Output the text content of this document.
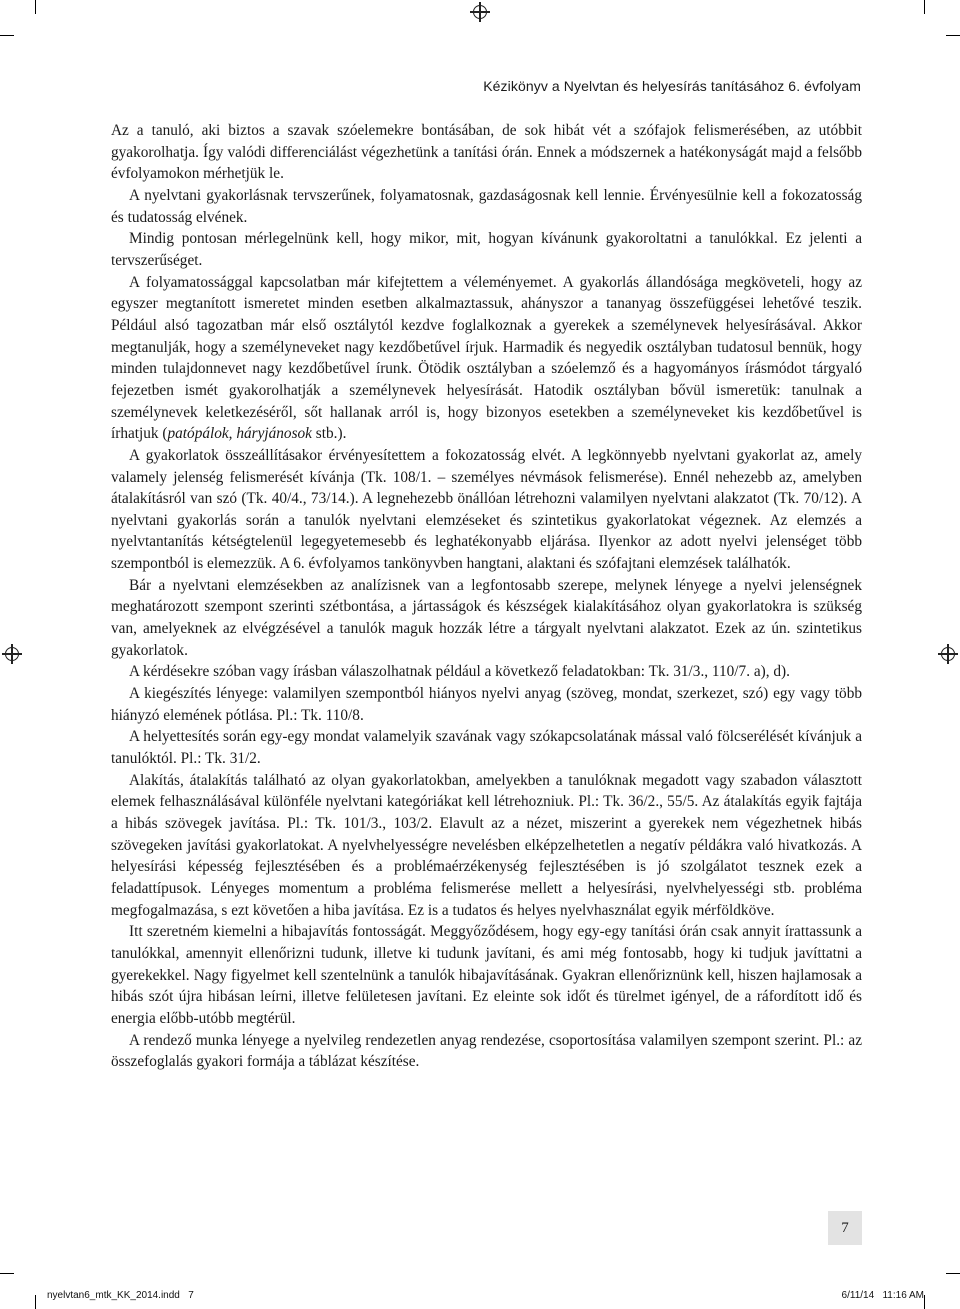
Kézikönyv a Nyelvtan és helyesírás tanításához 6. évfolyam

Az a tanuló, aki biztos a szavak szóelemekre bontásában, de sok hibát vét a szófajok felismerésében, az utóbbit gyakorolhatja. Így valódi differenciálást végezhetünk a tanítási órán. Ennek a módszernek a hatékonyságát majd a felsőbb évfolyamokon mérhetjük le.

A nyelvtani gyakorlásnak tervszerűnek, folyamatosnak, gazdaságosnak kell lennie. Érvényesülnie kell a fokozatosság és tudatosság elvének.

Mindig pontosan mérlegelnünk kell, hogy mikor, mit, hogyan kívánunk gyakoroltatni a tanulókkal. Ez jelenti a tervszerűséget.

A folyamatossággal kapcsolatban már kifejtettem a véleményemet. A gyakorlás állandósága megköveteli, hogy az egyszer megtanított ismeretet minden esetben alkalmaztassuk, ahányszor a tananyag összefüggései lehetővé teszik. Például alsó tagozatban már első osztálytól kezdve foglalkoznak a gyerekek a személynevek helyesírásával. Akkor megtanulják, hogy a személyneveket nagy kezdőbetűvel írjuk. Harmadik és negyedik osztályban tudatosul bennük, hogy minden tulajdonnevet nagy kezdőbetűvel írunk. Ötödik osztályban a szóelemző és a hagyományos írásmódot tárgyaló fejezetben ismét gyakorolhatják a személynevek helyesírását. Hatodik osztályban bővül ismeretük: tanulnak a személynevek keletkezéséről, sőt hallanak arról is, hogy bizonyos esetekben a személyneveket kis kezdőbetűvel is írhatjuk (patópálok, háryjánosok stb.).

A gyakorlatok összeállításakor érvényesítettem a fokozatosság elvét. A legkönnyebb nyelvtani gyakorlat az, amely valamely jelenség felismerését kívánja (Tk. 108/1. – személyes névmások felismerése). Ennél nehezebb az, amelyben átalakításról van szó (Tk. 40/4., 73/14.). A legnehezebb önállóan létrehozni valamilyen nyelvtani alakzatot (Tk. 70/12). A nyelvtani gyakorlás során a tanulók nyelvtani elemzéseket és szintetikus gyakorlatokat végeznek. Az elemzés a nyelvtantanítás kétségtelenül legegyetemesebb és leghatékonyabb eljárása. Ilyenkor az adott nyelvi jelenséget több szempontból is elemezzük. A 6. évfolyamos tankönyvben hangtani, alaktani és szófajtani elemzések találhatók.

Bár a nyelvtani elemzésekben az analízisnek van a legfontosabb szerepe, melynek lényege a nyelvi jelenségnek meghatározott szempont szerinti szétbontása, a jártasságok és készségek kialakításához olyan gyakorlatokra is szükség van, amelyeknek az elvégzésével a tanulók maguk hozzák létre a tárgyalt nyelvtani alakzatot. Ezek az ún. szintetikus gyakorlatok.

A kérdésekre szóban vagy írásban válaszolhatnak például a következő feladatokban: Tk. 31/3., 110/7. a), d).

A kiegészítés lényege: valamilyen szempontból hiányos nyelvi anyag (szöveg, mondat, szerkezet, szó) egy vagy több hiányzó elemének pótlása. Pl.: Tk. 110/8.

A helyettesítés során egy-egy mondat valamelyik szavának vagy szókapcsolatának mással való fölcserélését kívánjuk a tanulóktól. Pl.: Tk. 31/2.

Alakítás, átalakítás található az olyan gyakorlatokban, amelyekben a tanulóknak megadott vagy szabadon választott elemek felhasználásával különféle nyelvtani kategóriákat kell létrehozniuk. Pl.: Tk. 36/2., 55/5. Az átalakítás egyik fajtája a hibás szövegek javítása. Pl.: Tk. 101/3., 103/2. Elavult az a nézet, miszerint a gyerekek nem végezhetnek hibás szövegeken javítási gyakorlatokat. A nyelvhelyességre nevelésben elképzelhetetlen a negatív példákra való hivatkozás. A helyesírási képesség fejlesztésében és a problémaérzékenység fejlesztésében is jó szolgálatot tesznek ezek a feladattípusok. Lényeges momentum a probléma felismerése mellett a helyesírási, nyelvhelyességi stb. probléma megfogalmazása, s ezt követően a hiba javítása. Ez is a tudatos és helyes nyelvhasználat egyik mérföldköve.

Itt szeretném kiemelni a hibajavítás fontosságát. Meggyőződésem, hogy egy-egy tanítási órán csak annyit írattassunk a tanulókkal, amennyit ellenőrizni tudunk, illetve ki tudunk javítani, és ami még fontosabb, hogy ki tudjuk javíttatni a gyerekekkel. Nagy figyelmet kell szentelnünk a tanulók hibajavításának. Gyakran ellenőriznünk kell, hiszen hajlamosak a hibás szót újra hibásan leírni, illetve felületesen javítani. Ez eleinte sok időt és türelmet igényel, de a ráfordított idő és energia előbb-utóbb megtérül.

A rendező munka lényege a nyelvileg rendezetlen anyag rendezése, csoportosítása valamilyen szempont szerint. Pl.: az összefoglalás gyakori formája a táblázat készítése.

7
nyelvtan6_mtk_KK_2014.indd   7	6/11/14   11:16 AM
